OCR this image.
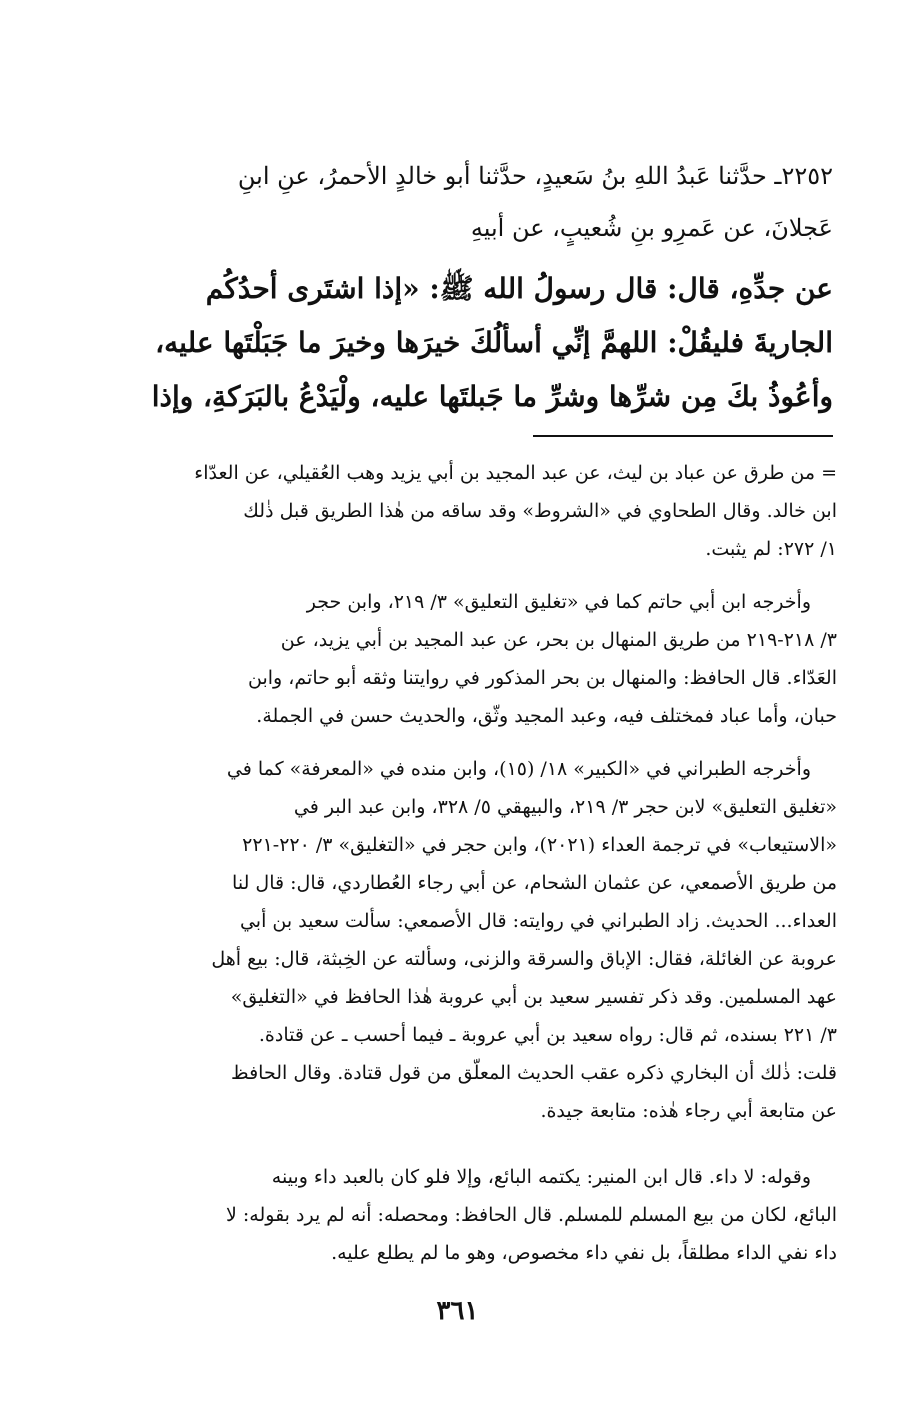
٢٢٥٢ـ حدَّثنا عَبدُ اللهِ بنُ سَعيدٍ، حدَّثنا أبو خالدٍ الأحمرُ، عنِ ابنِ
عَجلانَ، عن عَمرِو بنِ شُعيبٍ، عن أبيهِ
عن جدِّهِ، قال: قال رسولُ الله ﷺ: «إذا اشتَرى أحدُكُم
الجاريةَ فليقُلْ: اللهمَّ إنِّي أسألُكَ خيرَها وخيرَ ما جَبَلْتَها عليه،
وأعُوذُ بكَ مِن شرِّها وشرِّ ما جَبلتَها عليه، ولْيَدْعُ بالبَرَكةِ، وإذا
= من طرق عن عباد بن ليث، عن عبد المجيد بن أبي يزيد وهب العُقيلي، عن العدّاء
ابن خالد. وقال الطحاوي في «الشروط» وقد ساقه من هٰذا الطريق قبل ذٰلك
١/ ٢٧٢: لم يثبت.
وأخرجه ابن أبي حاتم كما في «تغليق التعليق» ٣/ ٢١٩، وابن حجر
٣/ ٢١٨-٢١٩ من طريق المنهال بن بحر، عن عبد المجيد بن أبي يزيد، عن
العَدّاء. قال الحافظ: والمنهال بن بحر المذكور في روايتنا وثقه أبو حاتم، وابن
حبان، وأما عباد فمختلف فيه، وعبد المجيد وثّق، والحديث حسن في الجملة.
وأخرجه الطبراني في «الكبير» ١٨/ (١٥)، وابن منده في «المعرفة» كما في
«تغليق التعليق» لابن حجر ٣/ ٢١٩، والبيهقي ٥/ ٣٢٨، وابن عبد البر في
«الاستيعاب» في ترجمة العداء (٢٠٢١)، وابن حجر في «التغليق» ٣/ ٢٢٠-٢٢١
من طريق الأصمعي، عن عثمان الشحام، عن أبي رجاء العُطاردي، قال: قال لنا
العداء... الحديث. زاد الطبراني في روايته: قال الأصمعي: سألت سعيد بن أبي
عروبة عن الغائلة، فقال: الإباق والسرقة والزنى، وسألته عن الخِبثة، قال: بيع أهل
عهد المسلمين. وقد ذكر تفسير سعيد بن أبي عروبة هٰذا الحافظ في «التغليق»
٣/ ٢٢١ بسنده، ثم قال: رواه سعيد بن أبي عروبة ـ فيما أحسب ـ عن قتادة.
قلت: ذٰلك أن البخاري ذكره عقب الحديث المعلّق من قول قتادة. وقال الحافظ
عن متابعة أبي رجاء هٰذه: متابعة جيدة.
وقوله: لا داء. قال ابن المنير: يكتمه البائع، وإلا فلو كان بالعبد داء وبينه
البائع، لكان من بيع المسلم للمسلم. قال الحافظ: ومحصله: أنه لم يرد بقوله: لا
داء نفي الداء مطلقاً، بل نفي داء مخصوص، وهو ما لم يطلع عليه.
٣٦١
